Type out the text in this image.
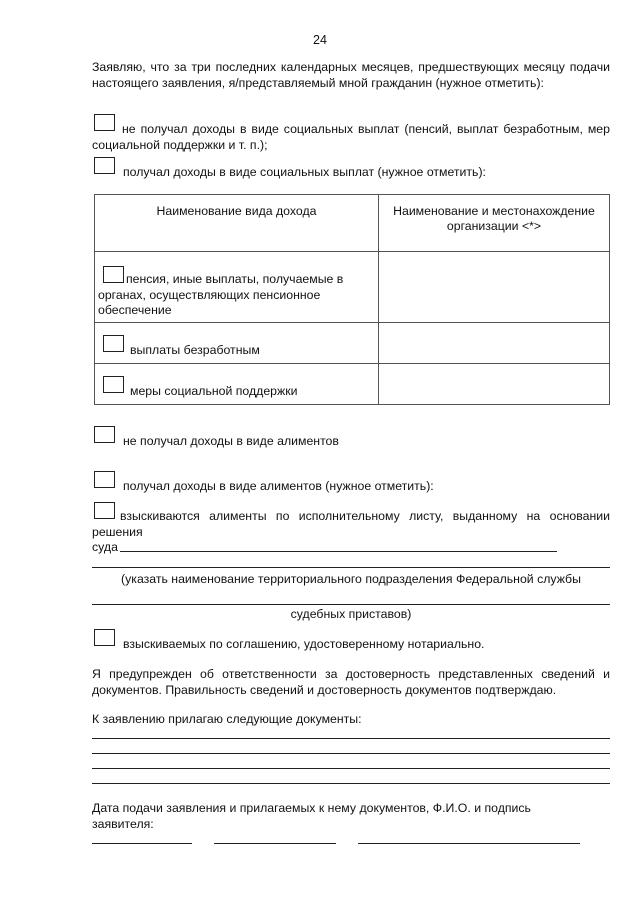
24
Заявляю, что за три последних календарных месяцев, предшествующих месяцу подачи настоящего заявления, я/представляемый мной гражданин (нужное отметить):
не получал доходы в виде социальных выплат (пенсий, выплат безработным, мер социальной поддержки и т. п.);
получал доходы в виде социальных выплат (нужное отметить):
Наименование вида дохода	Наименование и местонахождение организации <*>

пенсия, иные выплаты, получаемые в органах, осуществляющих пенсионное обеспечение	

выплаты безработным	

меры социальной поддержки	

не получал доходы в виде алиментов
получал доходы в виде алиментов (нужное отметить):
взыскиваются алименты по исполнительному листу, выданному на основании решения
суда
(указать наименование территориального подразделения Федеральной службы
судебных приставов)
взыскиваемых по соглашению, удостоверенному нотариально.
Я предупрежден об ответственности за достоверность представленных сведений и документов. Правильность сведений и достоверность документов подтверждаю.
К заявлению прилагаю следующие документы:
Дата подачи заявления и прилагаемых к нему документов, Ф.И.О. и подпись заявителя:
